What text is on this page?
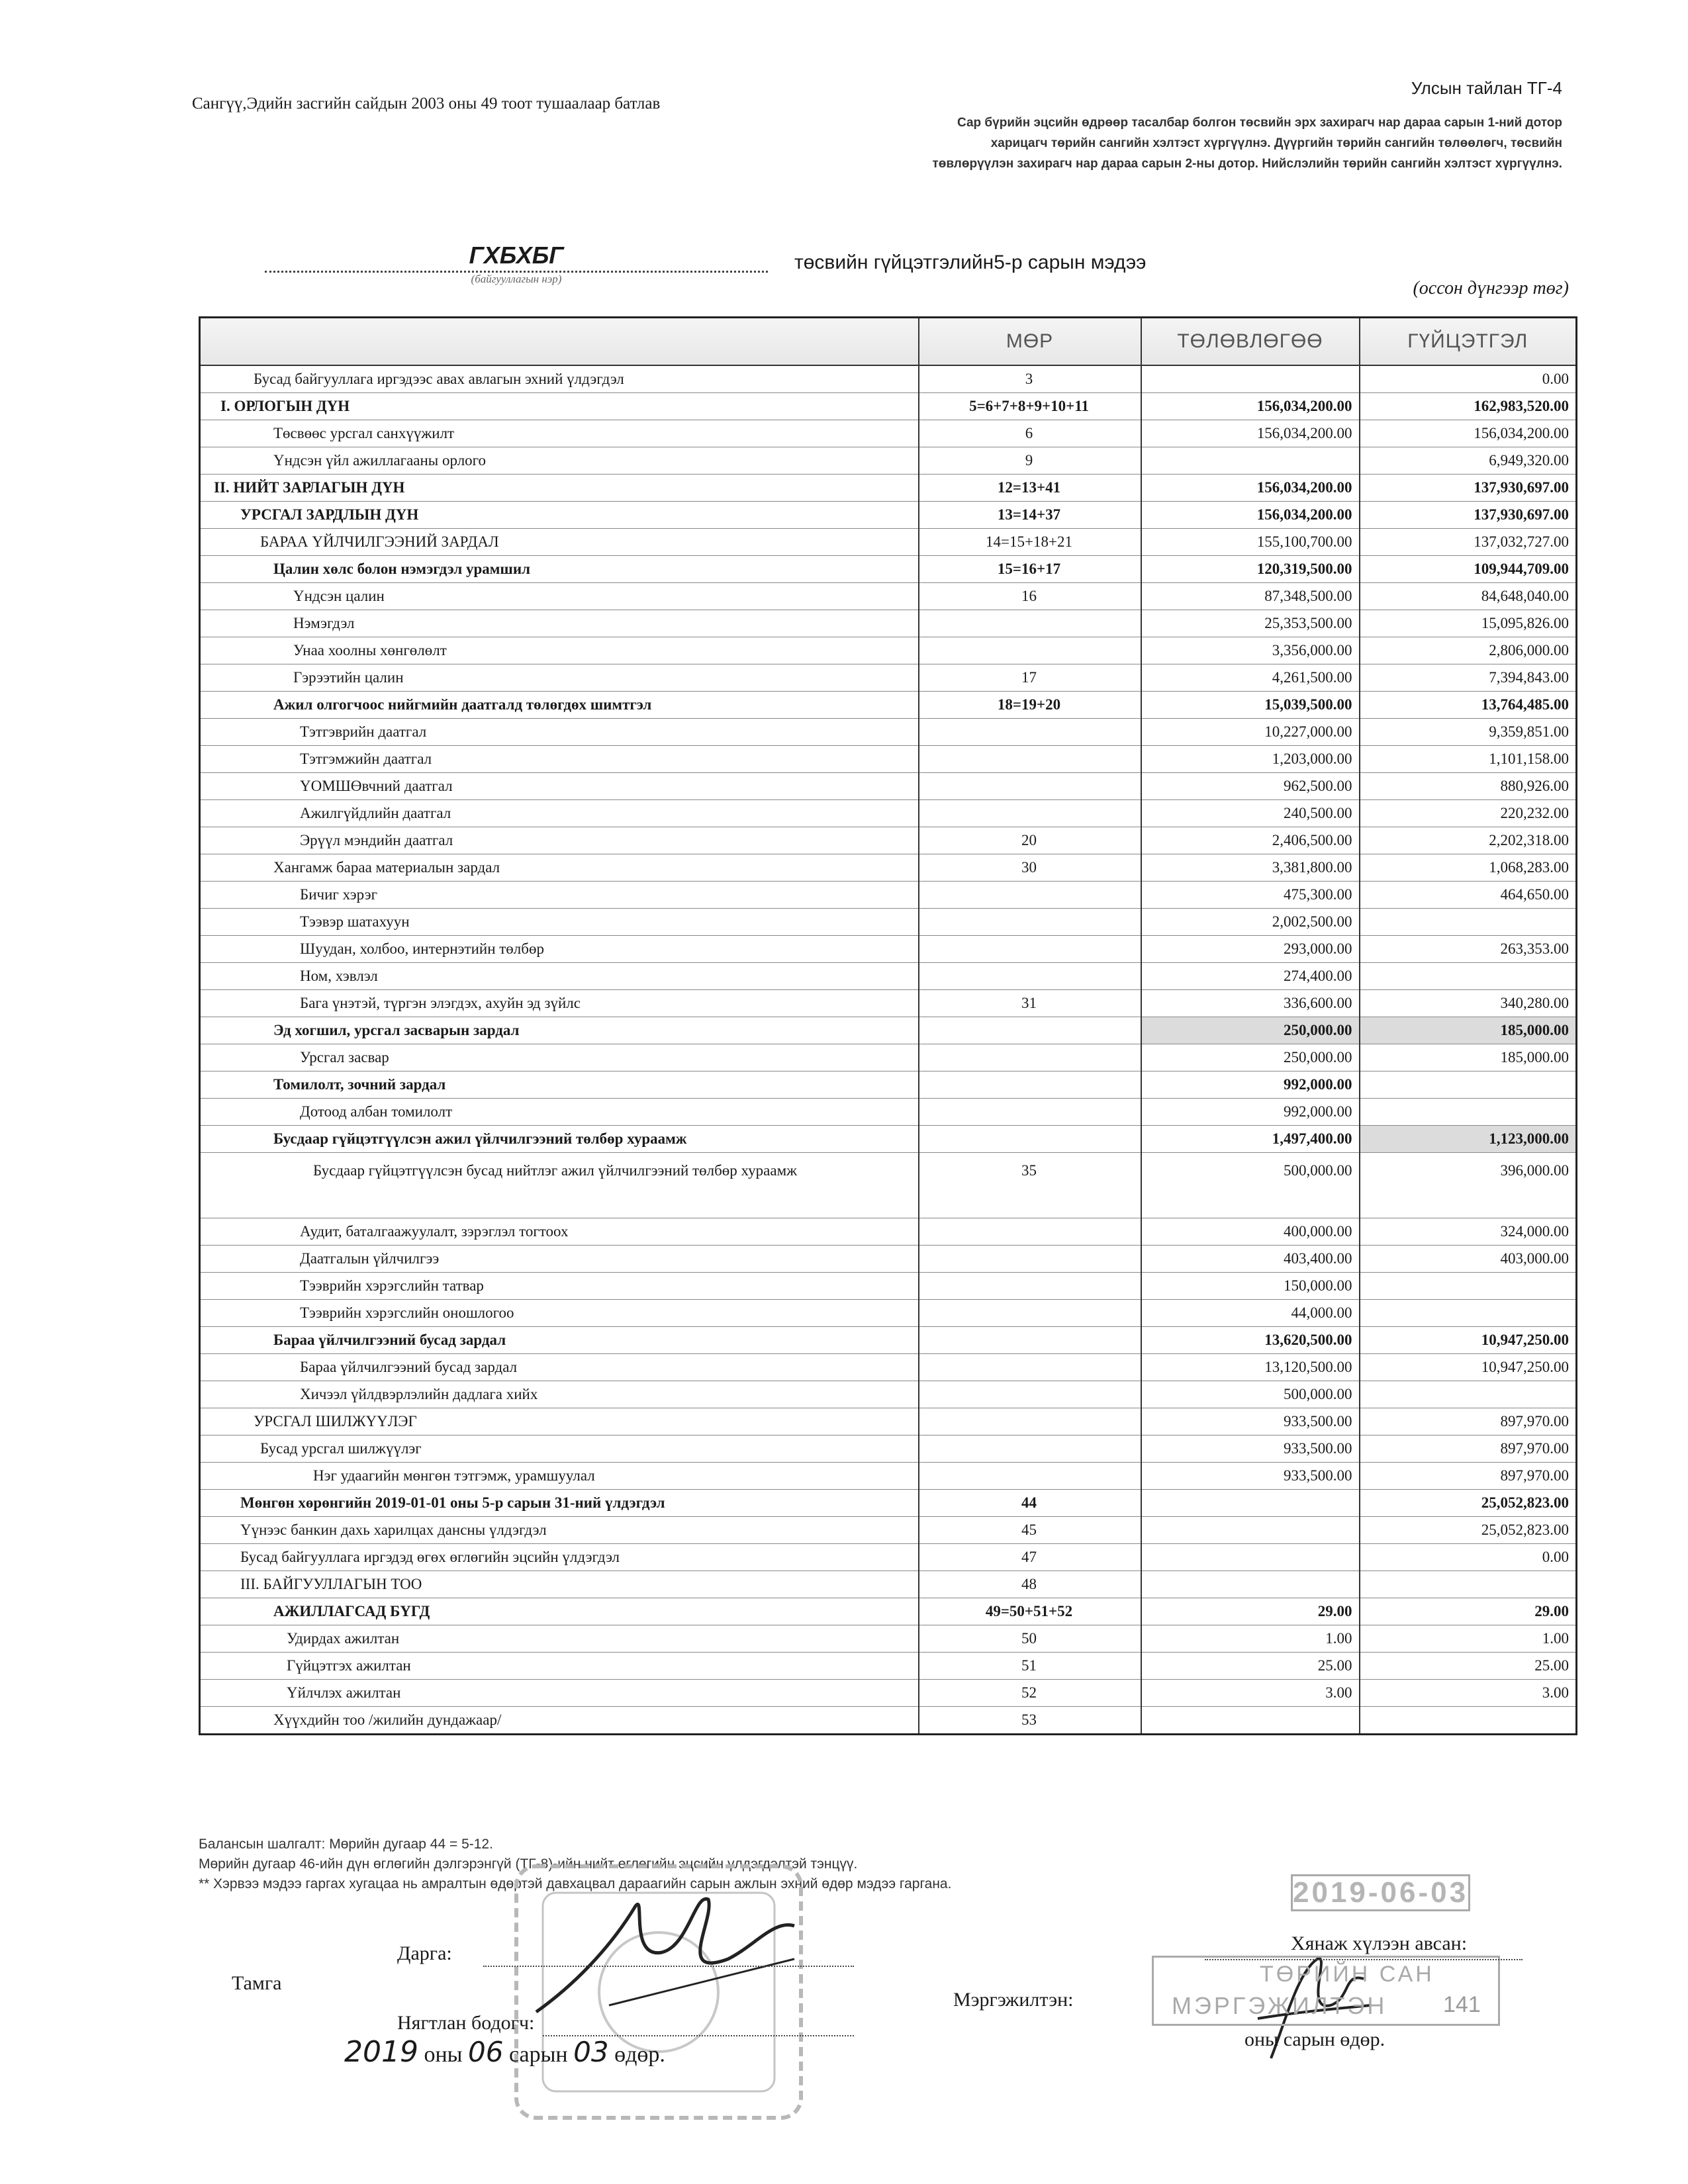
Сангүү,Эдийн засгийн сайдын 2003 оны 49 тоот тушаалаар батлав
Улсын тайлан ТГ-4
Сар бүрийн эцсийн өдрөөр тасалбар болгон төсвийн эрх захирагч нар дараа сарын 1-ний дотор харицагч төрийн сангийн хэлтэст хүргүүлнэ. Дүүргийн төрийн сангийн төлөөлөгч, төсвийн төвлөрүүлэн захирагч нар дараа сарын 2-ны дотор. Нийслэлийн төрийн сангийн хэлтэст хүргүүлнэ.
ГХБХБГ
(байгууллагын нэр)
төсвийн гүйцэтгэлийн5-р сарын мэдээ
(оссон дүнгээр төг)
	МӨР	ТӨЛӨВЛӨГӨӨ	ГҮЙЦЭТГЭЛ
Бусад байгууллага иргэдээс авах авлагын эхний үлдэгдэл	3		0.00
I. ОРЛОГЫН ДҮН	5=6+7+8+9+10+11	156,034,200.00	162,983,520.00
Төсвөөс урсгал санхүүжилт	6	156,034,200.00	156,034,200.00
Үндсэн үйл ажиллагааны орлого	9		6,949,320.00
II. НИЙТ ЗАРЛАГЫН ДҮН	12=13+41	156,034,200.00	137,930,697.00
УРСГАЛ ЗАРДЛЫН ДҮН	13=14+37	156,034,200.00	137,930,697.00
БАРАА ҮЙЛЧИЛГЭЭНИЙ ЗАРДАЛ	14=15+18+21	155,100,700.00	137,032,727.00
Цалин хөлс болон нэмэгдэл урамшил	15=16+17	120,319,500.00	109,944,709.00
Үндсэн цалин	16	87,348,500.00	84,648,040.00
Нэмэгдэл		25,353,500.00	15,095,826.00
Унаа хоолны хөнгөлөлт		3,356,000.00	2,806,000.00
Гэрээтийн цалин	17	4,261,500.00	7,394,843.00
Ажил олгогчоос нийгмийн даатгалд төлөгдөх шимтгэл	18=19+20	15,039,500.00	13,764,485.00
Тэтгэврийн даатгал		10,227,000.00	9,359,851.00
Тэтгэмжийн даатгал		1,203,000.00	1,101,158.00
ҮОМШӨвчний даатгал		962,500.00	880,926.00
Ажилгүйдлийн даатгал		240,500.00	220,232.00
Эрүүл мэндийн даатгал	20	2,406,500.00	2,202,318.00
Хангамж бараа материалын зардал	30	3,381,800.00	1,068,283.00
Бичиг хэрэг		475,300.00	464,650.00
Тээвэр шатахуун		2,002,500.00	
Шуудан, холбоо, интернэтийн төлбөр		293,000.00	263,353.00
Ном, хэвлэл		274,400.00	
Бага үнэтэй, түргэн элэгдэх, ахуйн эд зүйлс	31	336,600.00	340,280.00
Эд хогшил, урсгал засварын зардал		250,000.00	185,000.00
Урсгал засвар		250,000.00	185,000.00
Томилолт, зочний зардал		992,000.00	
Дотоод албан томилолт		992,000.00	
Бусдаар гүйцэтгүүлсэн ажил үйлчилгээний төлбөр хураамж		1,497,400.00	1,123,000.00
Бусдаар гүйцэтгүүлсэн бусад нийтлэг ажил үйлчилгээний төлбөр хураамж	35	500,000.00	396,000.00
Аудит, баталгаажуулалт, зэрэглэл тогтоох		400,000.00	324,000.00
Даатгалын үйлчилгээ		403,400.00	403,000.00
Тээврийн хэрэгслийн татвар		150,000.00	
Тээврийн хэрэгслийн оношлогоо		44,000.00	
Бараа үйлчилгээний бусад зардал		13,620,500.00	10,947,250.00
Бараа үйлчилгээний бусад зардал		13,120,500.00	10,947,250.00
Хичээл үйлдвэрлэлийн дадлага хийх		500,000.00	
УРСГАЛ ШИЛЖҮҮЛЭГ		933,500.00	897,970.00
Бусад урсгал шилжүүлэг		933,500.00	897,970.00
Нэг удаагийн мөнгөн тэтгэмж, урамшуулал		933,500.00	897,970.00
Мөнгөн хөрөнгийн 2019-01-01 оны 5-р сарын 31-ний үлдэгдэл	44		25,052,823.00
Үүнээс банкин дахь харилцах дансны үлдэгдэл	45		25,052,823.00
Бусад байгууллага иргэдэд өгөх өглөгийн эцсийн үлдэгдэл	47		0.00
III. БАЙГУУЛЛАГЫН ТОО	48		
АЖИЛЛАГСАД БҮГД	49=50+51+52	29.00	29.00
Удирдах ажилтан	50	1.00	1.00
Гүйцэтгэх ажилтан	51	25.00	25.00
Үйлчлэх ажилтан	52	3.00	3.00
Хүүхдийн тоо /жилийн дундажаар/	53		
Балансын шалгалт: Мөрийн дугаар 44 = 5-12.
Мөрийн дугаар 46-ийн дүн өглөгийн дэлгэрэнгүй (ТГ-8)-ийн нийт өглөгийн эцсийн үлдэгдэлтэй тэнцүү.
** Хэрвээ мэдээ гаргах хугацаа нь амралтын өдөртэй давхацвал дараагийн сарын ажлын эхний өдөр мэдээ гаргана.	2019-06-03
ТӨРИЙН САН
МЭРГЭЖИЛТЭН 141
Тамга
Дарга:
Нягтлан бодогч:
Мэргэжилтэн:
Хянаж хүлээн авсан:
оны сарын өдөр.
2019 оны 06 сарын 03 өдөр.
